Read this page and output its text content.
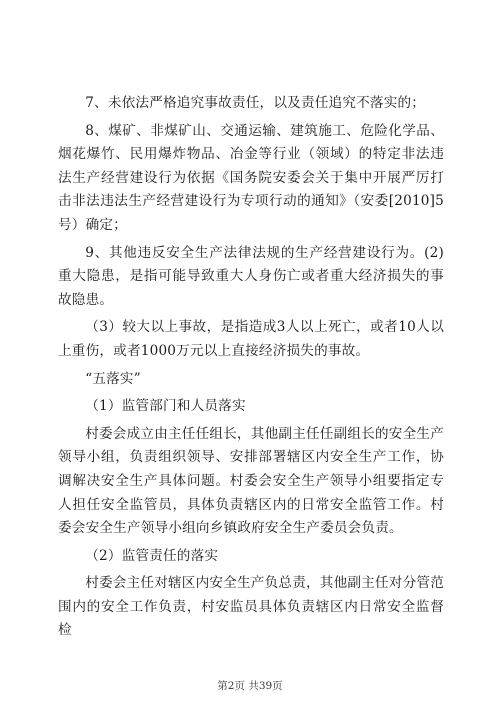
7、未依法严格追究事故责任，以及责任追究不落实的；

8、煤矿、非煤矿山、交通运输、建筑施工、危险化学品、烟花爆竹、民用爆炸物品、冶金等行业（领域）的特定非法违法生产经营建设行为依据《国务院安委会关于集中开展严厉打击非法违法生产经营建设行为专项行动的通知》（安委[2010]5号）确定；

9、其他违反安全生产法律法规的生产经营建设行为。(2)重大隐患，是指可能导致重大人身伤亡或者重大经济损失的事故隐患。

（3）较大以上事故，是指造成3人以上死亡，或者10人以上重伤，或者1000万元以上直接经济损失的事故。

“五落实”

（1）监管部门和人员落实

村委会成立由主任任组长，其他副主任任副组长的安全生产领导小组，负责组织领导、安排部署辖区内安全生产工作，协调解决安全生产具体问题。村委会安全生产领导小组要指定专人担任安全监管员，具体负责辖区内的日常安全监管工作。村委会安全生产领导小组向乡镇政府安全生产委员会负责。

（2）监管责任的落实

村委会主任对辖区内安全生产负总责，其他副主任对分管范围内的安全工作负责，村安监员具体负责辖区内日常安全监督检

第2页 共39页
